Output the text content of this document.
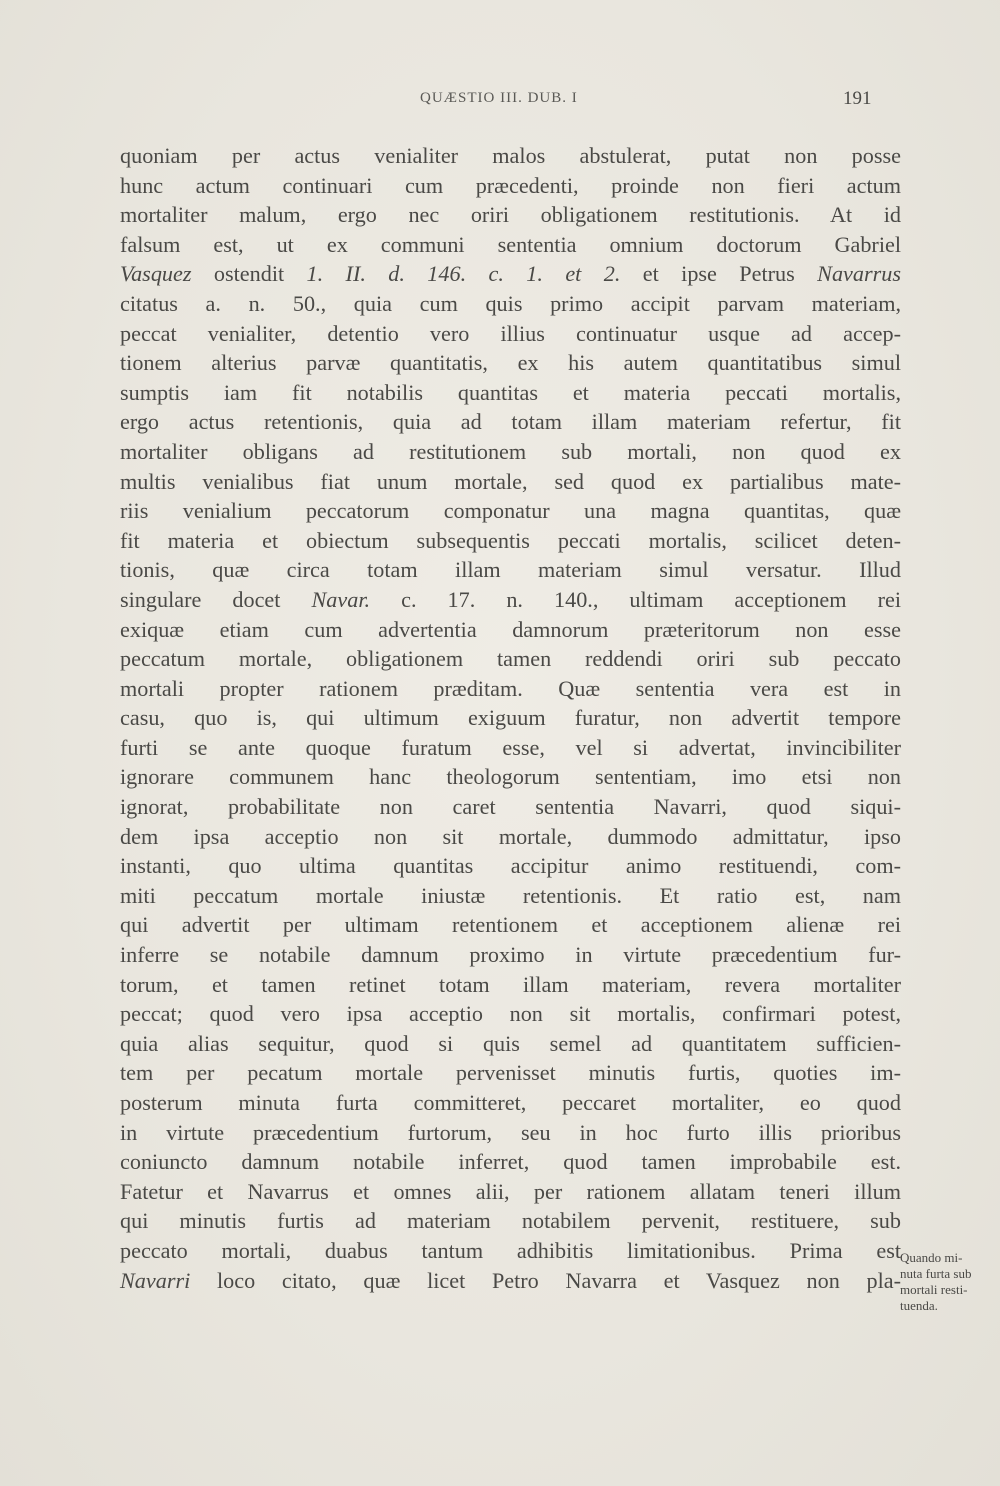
QUÆSTIO III. DUB. I	191
quoniam per actus venialiter malos abstulerat, putat non posse
hunc actum continuari cum præcedenti, proinde non fieri actum
mortaliter malum, ergo nec oriri obligationem restitutionis. At id
falsum est, ut ex communi sententia omnium doctorum Gabriel
Vasquez ostendit 1. II. d. 146. c. 1. et 2. et ipse Petrus Navarrus
citatus a. n. 50., quia cum quis primo accipit parvam materiam,
peccat venialiter, detentio vero illius continuatur usque ad accep-
tionem alterius parvæ quantitatis, ex his autem quantitatibus simul
sumptis iam fit notabilis quantitas et materia peccati mortalis,
ergo actus retentionis, quia ad totam illam materiam refertur, fit
mortaliter obligans ad restitutionem sub mortali, non quod ex
multis venialibus fiat unum mortale, sed quod ex partialibus mate-
riis venialium peccatorum componatur una magna quantitas, quæ
fit materia et obiectum subsequentis peccati mortalis, scilicet deten-
tionis, quæ circa totam illam materiam simul versatur. Illud
singulare docet Navar. c. 17. n. 140., ultimam acceptionem rei
exiquæ etiam cum advertentia damnorum præteritorum non esse
peccatum mortale, obligationem tamen reddendi oriri sub peccato
mortali propter rationem præditam. Quæ sententia vera est in
casu, quo is, qui ultimum exiguum furatur, non advertit tempore
furti se ante quoque furatum esse, vel si advertat, invincibiliter
ignorare communem hanc theologorum sententiam, imo etsi non
ignorat, probabilitate non caret sententia Navarri, quod siqui-
dem ipsa acceptio non sit mortale, dummodo admittatur, ipso
instanti, quo ultima quantitas accipitur animo restituendi, com-
miti peccatum mortale iniustæ retentionis. Et ratio est, nam
qui advertit per ultimam retentionem et acceptionem alienæ rei
inferre se notabile damnum proximo in virtute præcedentium fur-
torum, et tamen retinet totam illam materiam, revera mortaliter
peccat; quod vero ipsa acceptio non sit mortalis, confirmari potest,
quia alias sequitur, quod si quis semel ad quantitatem sufficien-
tem per pecatum mortale pervenisset minutis furtis, quoties im-
posterum minuta furta committeret, peccaret mortaliter, eo quod
in virtute præcedentium furtorum, seu in hoc furto illis prioribus
coniuncto damnum notabile inferret, quod tamen improbabile est.
Fatetur et Navarrus et omnes alii, per rationem allatam teneri illum
qui minutis furtis ad materiam notabilem pervenit, restituere, sub
peccato mortali, duabus tantum adhibitis limitationibus. Prima est
Navarri loco citato, quæ licet Petro Navarra et Vasquez non pla-
Quando mi-
nuta furta sub
mortali resti-
tuenda.
